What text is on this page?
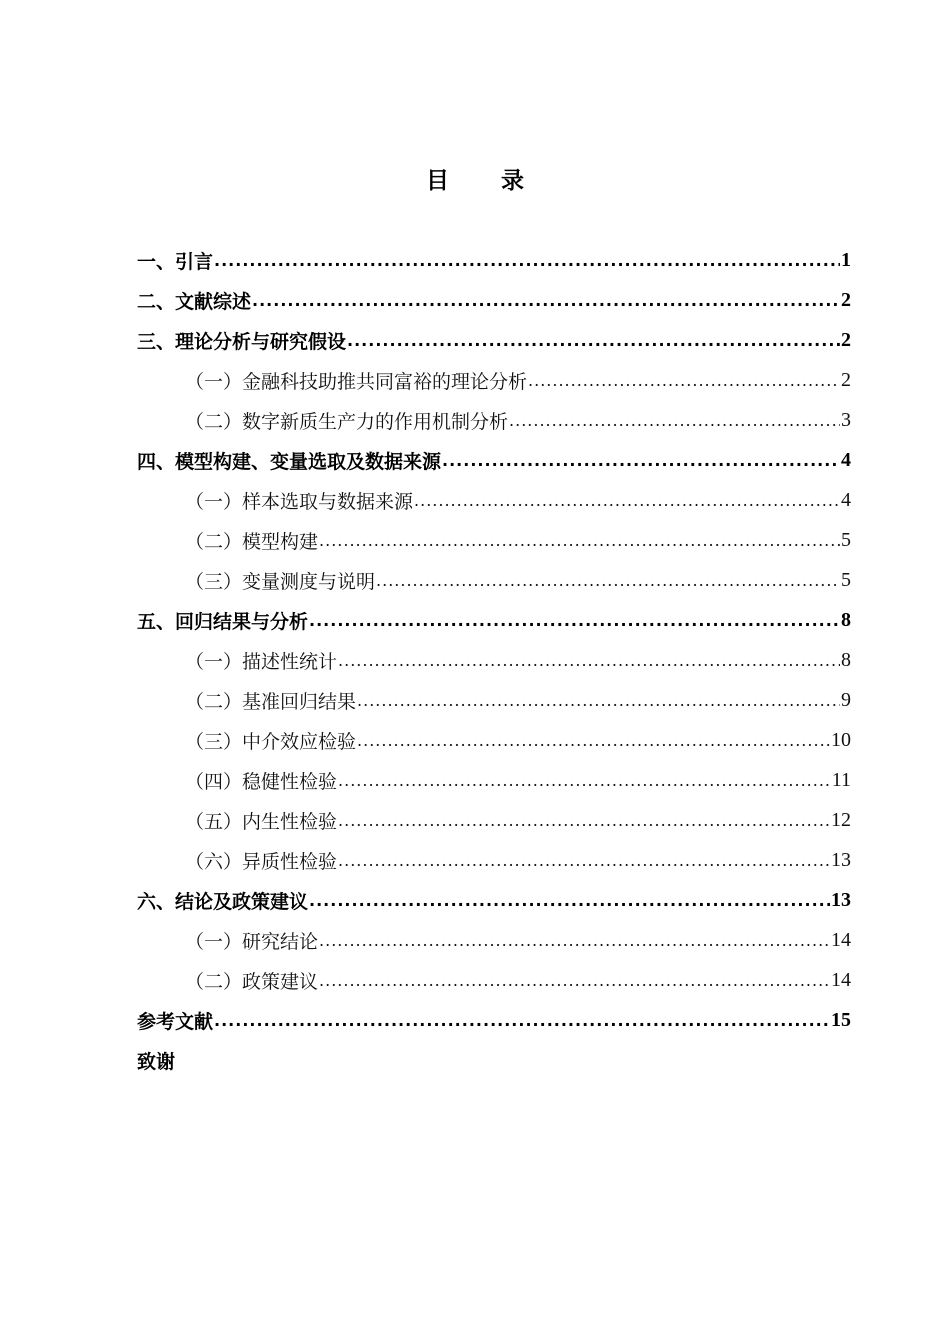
目 录
一、引言 .....	1
二、文献综述 .....	2
三、理论分析与研究假设 .....	2
（一） 金融科技助推共同富裕的理论分析 .....	2
（二） 数字新质生产力的作用机制分析 .....	3
四、模型构建、变量选取及数据来源 .....	4
（一） 样本选取与数据来源 .....	4
（二） 模型构建 .....	5
（三） 变量测度与说明 .....	5
五、回归结果与分析 .....	8
（一） 描述性统计 .....	8
（二） 基准回归结果 .....	9
（三） 中介效应检验 .....	10
（四） 稳健性检验 .....	11
（五） 内生性检验 .....	12
（六） 异质性检验 .....	13
六、结论及政策建议 .....	13
（一） 研究结论 .....	14
（二） 政策建议 .....	14
参考文献 .....	15
致谢
